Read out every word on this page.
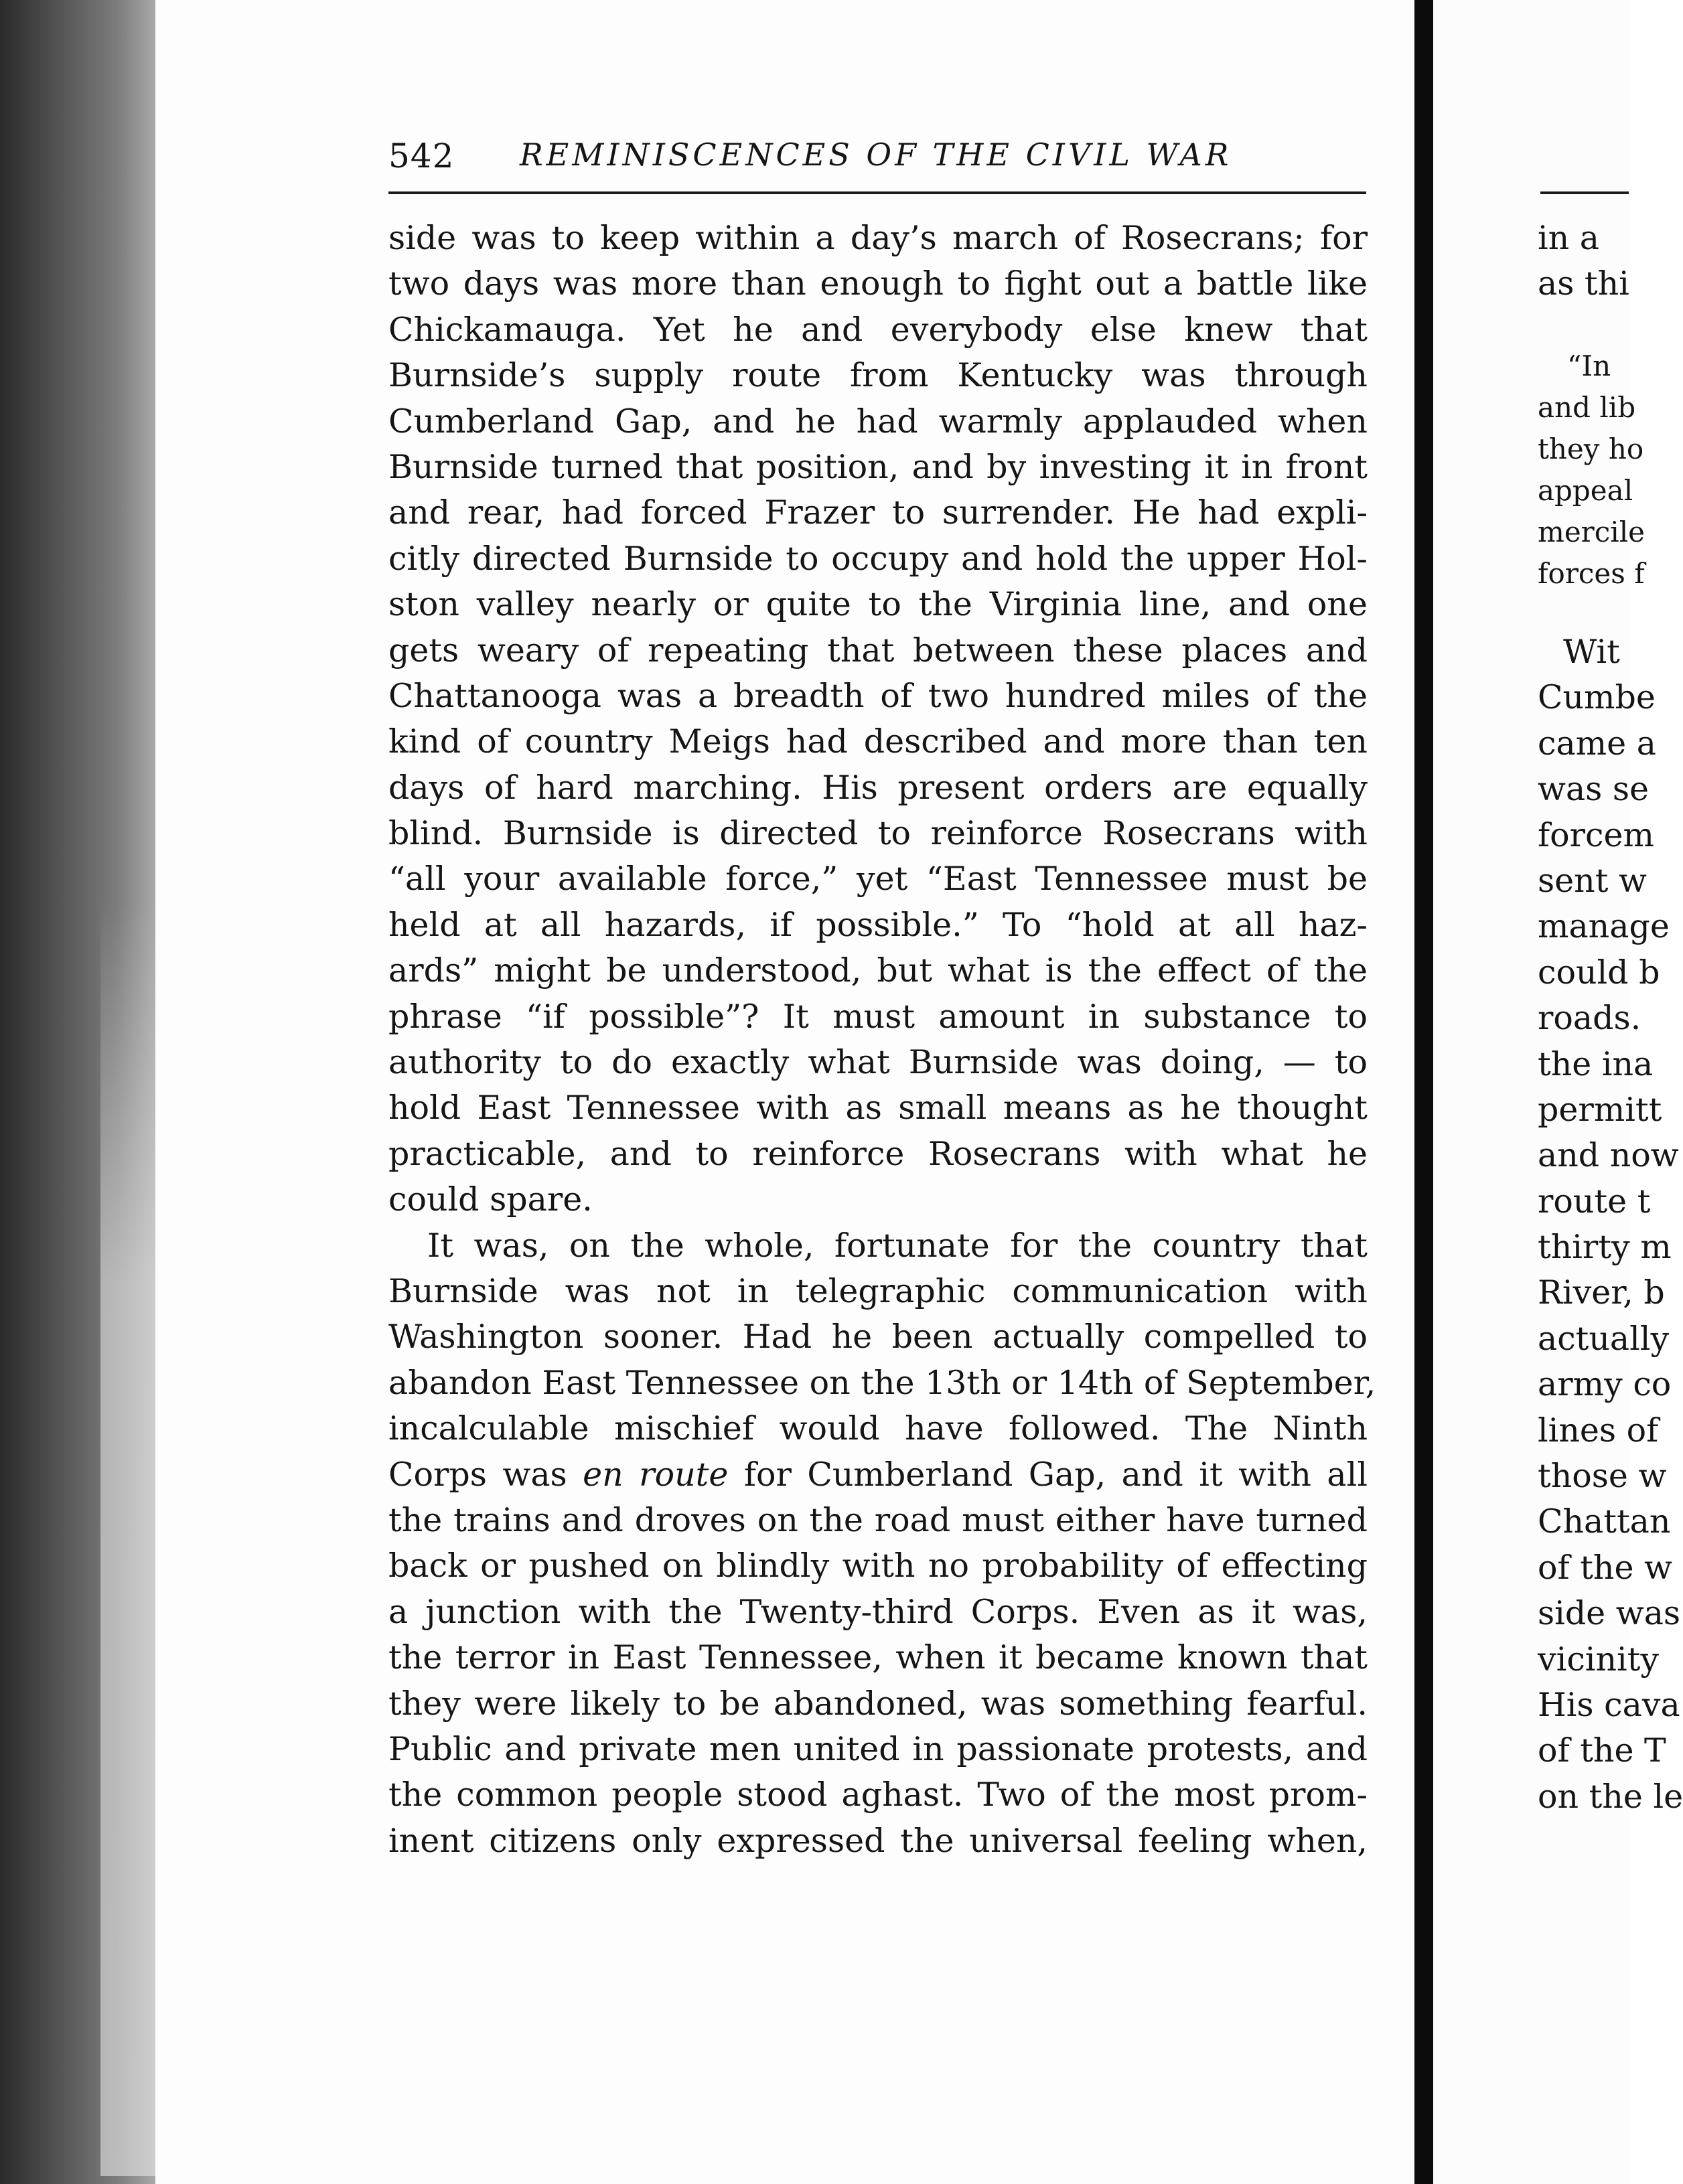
542 REMINISCENCES OF THE CIVIL WAR
side was to keep within a day’s march of Rosecrans; for
two days was more than enough to fight out a battle like
Chickamauga. Yet he and everybody else knew that
Burnside’s supply route from Kentucky was through
Cumberland Gap, and he had warmly applauded when
Burnside turned that position, and by investing it in front
and rear, had forced Frazer to surrender. He had expli-
citly directed Burnside to occupy and hold the upper Hol-
ston valley nearly or quite to the Virginia line, and one
gets weary of repeating that between these places and
Chattanooga was a breadth of two hundred miles of the
kind of country Meigs had described and more than ten
days of hard marching. His present orders are equally
blind. Burnside is directed to reinforce Rosecrans with
“all your available force,” yet “East Tennessee must be
held at all hazards, if possible.” To “hold at all haz-
ards” might be understood, but what is the effect of the
phrase “if possible”? It must amount in substance to
authority to do exactly what Burnside was doing, — to
hold East Tennessee with as small means as he thought
practicable, and to reinforce Rosecrans with what he
could spare.
It was, on the whole, fortunate for the country that
Burnside was not in telegraphic communication with
Washington sooner. Had he been actually compelled to
abandon East Tennessee on the 13th or 14th of September,
incalculable mischief would have followed. The Ninth
Corps was en route for Cumberland Gap, and it with all
the trains and droves on the road must either have turned
back or pushed on blindly with no probability of effecting
a junction with the Twenty-third Corps. Even as it was,
the terror in East Tennessee, when it became known that
they were likely to be abandoned, was something fearful.
Public and private men united in passionate protests, and
the common people stood aghast. Two of the most prom-
inent citizens only expressed the universal feeling when,
in a
as thi
“In
and lib
they ho
appeal
mercile
forces f
Wit
Cumbe
came a
was se
forcem
sent w
manage
could b
roads.
the ina
permitt
and now
route t
thirty m
River, b
actually
army co
lines of
those w
Chattan
of the w
side was
vicinity
His cava
of the T
on the le
